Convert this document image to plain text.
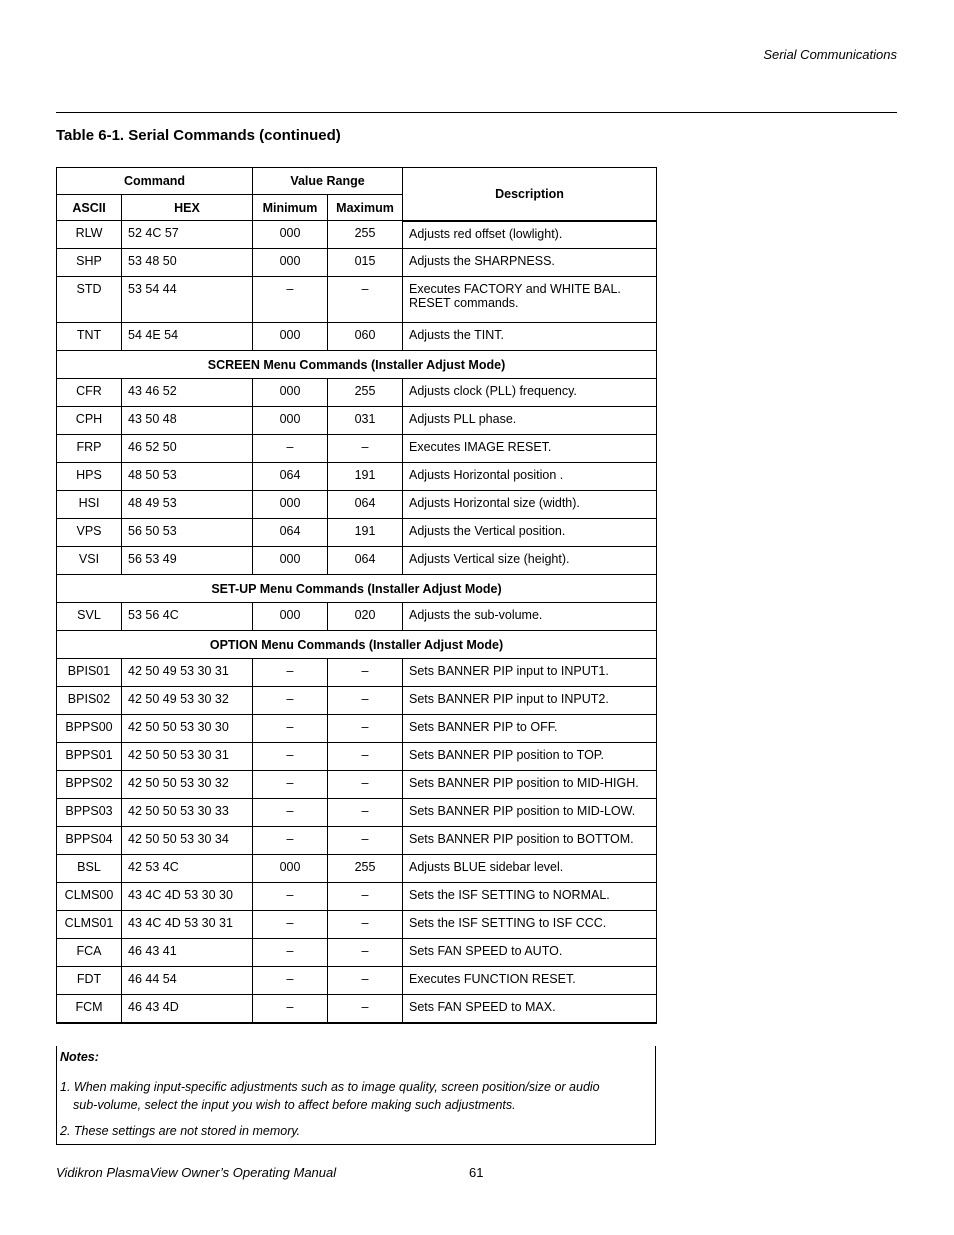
Serial Communications
Table 6-1. Serial Commands (continued)
Command		Value Range		Description
ASCII	HEX	Minimum	Maximum	
RLW	52 4C 57	000	255	Adjusts red offset (lowlight).
SHP	53 48 50	000	015	Adjusts the SHARPNESS.
STD	53 54 44	–	–	Executes FACTORY and WHITE BAL. RESET commands.
TNT	54 4E 54	000	060	Adjusts the TINT.
SCREEN Menu Commands (Installer Adjust Mode)				
CFR	43 46 52	000	255	Adjusts clock (PLL) frequency.
CPH	43 50 48	000	031	Adjusts PLL phase.
FRP	46 52 50	–	–	Executes IMAGE RESET.
HPS	48 50 53	064	191	Adjusts Horizontal position .
HSI	48 49 53	000	064	Adjusts Horizontal size (width).
VPS	56 50 53	064	191	Adjusts the Vertical position.
VSI	56 53 49	000	064	Adjusts Vertical size (height).
SET-UP Menu Commands (Installer Adjust Mode)				
SVL	53 56 4C	000	020	Adjusts the sub-volume.
OPTION Menu Commands (Installer Adjust Mode)				
BPIS01	42 50 49 53 30 31	–	–	Sets BANNER PIP input to INPUT1.
BPIS02	42 50 49 53 30 32	–	–	Sets BANNER PIP input to INPUT2.
BPPS00	42 50 50 53 30 30	–	–	Sets BANNER PIP to OFF.
BPPS01	42 50 50 53 30 31	–	–	Sets BANNER PIP position to TOP.
BPPS02	42 50 50 53 30 32	–	–	Sets BANNER PIP position to MID-HIGH.
BPPS03	42 50 50 53 30 33	–	–	Sets BANNER PIP position to MID-LOW.
BPPS04	42 50 50 53 30 34	–	–	Sets BANNER PIP position to BOTTOM.
BSL	42 53 4C	000	255	Adjusts BLUE sidebar level.
CLMS00	43 4C 4D 53 30 30	–	–	Sets the ISF SETTING to NORMAL.
CLMS01	43 4C 4D 53 30 31	–	–	Sets the ISF SETTING to ISF CCC.
FCA	46 43 41	–	–	Sets FAN SPEED to AUTO.
FDT	46 44 54	–	–	Executes FUNCTION RESET.
FCM	46 43 4D	–	–	Sets FAN SPEED to MAX.
Notes:
1. When making input-specific adjustments such as to image quality, screen position/size or audio
sub-volume, select the input you wish to affect before making such adjustments.
2. These settings are not stored in memory.
Vidikron PlasmaView Owner’s Operating Manual	61
